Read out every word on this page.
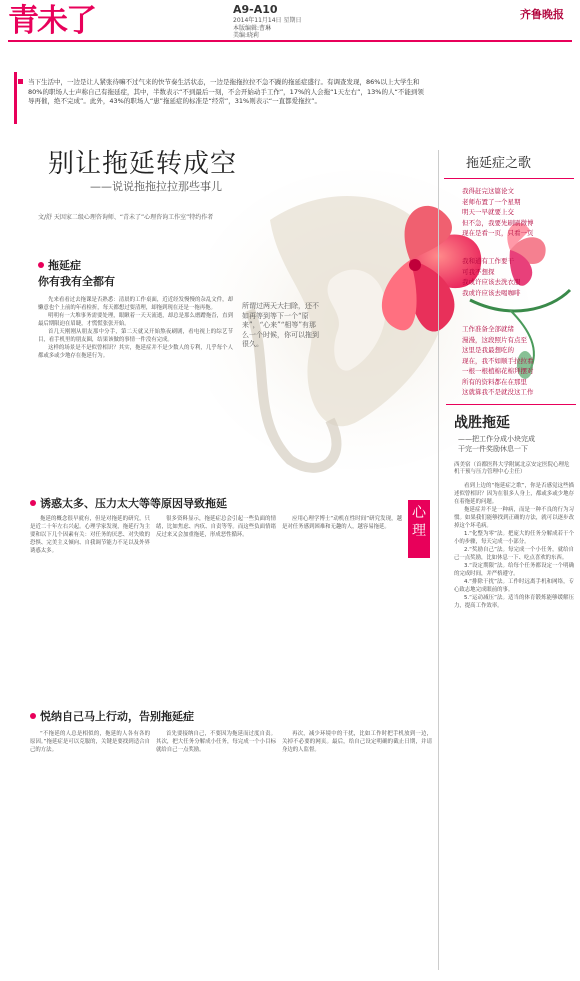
青未了	A9-A10
2014年11月14日 星期日
本版编辑:曹琳
美编:晓莉
齐鲁晚报
当下生活中，一边是让人紧张待嘛不过气来的快节奏生活状态，一边是拖拖拉拉不急不躁的拖延症盛行。有调查发现，86%以上大学生和80%的职场人士声称自己有拖延症，其中，半数表示“不到最后一刻，不会开始动手工作”，17%的人会拖“1天左右”，13%的人“不能到领导再催，绝不完成”。此外，43%的职场人“患”拖延症的标准是“经常”，31%则表示“一直都爱拖拉”。
别让拖延转成空
——说说拖拖拉拉那些事儿
文/舒 天因家二级心理咨询师、“青未了”心理咨询工作室”特约作者
拖延症
你有我有全都有

先来看看过去拖课是否熟悉：清晨的工作桌面，近近经发慢慢的杂乱文件，却懒意也个上前的年看检折，每天都想过要清理，却拖到现在还是一拖再拖。

明明有一大堆事务需要处理，眼瞅着一天天流逝，却总是那么磨蹭拖沓，直到最后期限迫在眉睫，才慌慌张张开始。

首几天刚刚从朋友那中分手，第二天就又开始熬夜刷剧，看电视上的综艺节目，看手机里的朋友圈，结果该做的事情一件没有完成。

这样的场景是不是似曾相识？其实，拖延症并不是少数人的专利，几乎每个人都或多或少地存在拖延行为。

所谓过两天大扫除，还不如再等到等下一个“原来”，“心来”“相等”有那么一个时候，你可以拖到很久。
诱惑太多、压力太大等等原因导致拖延

拖延的概念很早就有，但是对拖延的研究，只是近二十年左右兴起。心理学家发现，拖延行为主要和以下几个因素有关：对任务的厌恶、对失败的恐惧、完美主义倾向、自我调节能力不足以及外界诱惑太多。

很多资料显示，拖延症总会引起一些负面的情绪，比如焦虑、内疚、自责等等。而这些负面情绪反过来又会加重拖延，形成恶性循环。

应用心理学博士“动机在性时间”研究发现，越是对任务感到困难和无趣的人，越容易拖延。

心理
悦纳自己马上行动，告别拖延症

“不拖延的人总是相似的，拖延的人各有各的原因。”拖延症是可以克服的，关键是要找到适合自己的方法。

首先要接纳自己，不要因为拖延而过度自责。其次，把大任务分解成小任务，每完成一个小目标就给自己一点奖励。

再次，减少环境中的干扰，比如工作时把手机放到一边，关掉不必要的网页。最后，给自己设定明确的截止日期，并请身边的人监督。

拖延症之歌
我得赶完这篇论文
老师布置了一个星期
明天一早就要上交
但不急，我要先刷刷微博
现在是看一页，只看一页
我和道有工作要干
可我不想探
我或许应该去洗衣服
我或许应该去喝咖啡
工作准备全部就绪
漫漫，这段照片有点至
这里是我最想吃的
现在，我不如顺手拉拉看
一根一根植棉花棉拜摆对
所有的资料都在在那里
这就算我不是就没这工作
战胜拖延
——把工作分成小块完成
干完一件奖励休息一下
西美宿（首都医科大学附属北京安定医院心理危机干预与压力管理中心主任）

看到上边的“拖延症之歌”，你是否感觉这些描述似曾相识？因为在很多人身上，都或多或少地存在着拖延的问题。

拖延症并不是一种病，而是一种不良的行为习惯。如果我们能够找到正确的方法，就可以逐步改掉这个坏毛病。

1.“化整为零”法。把庞大的任务分解成若干个小的步骤，每天完成一小部分。

2.“奖励自己”法。每完成一个小任务，就给自己一点奖励，比如休息一下、吃点喜欢的东西。

3.“设定期限”法。给每个任务都设定一个明确的完成时间，并严格遵守。

4.“排除干扰”法。工作时远离手机和网络，专心致志地完成眼前的事。

5.“运动减压”法。适当的体育锻炼能够缓解压力，提高工作效率。
